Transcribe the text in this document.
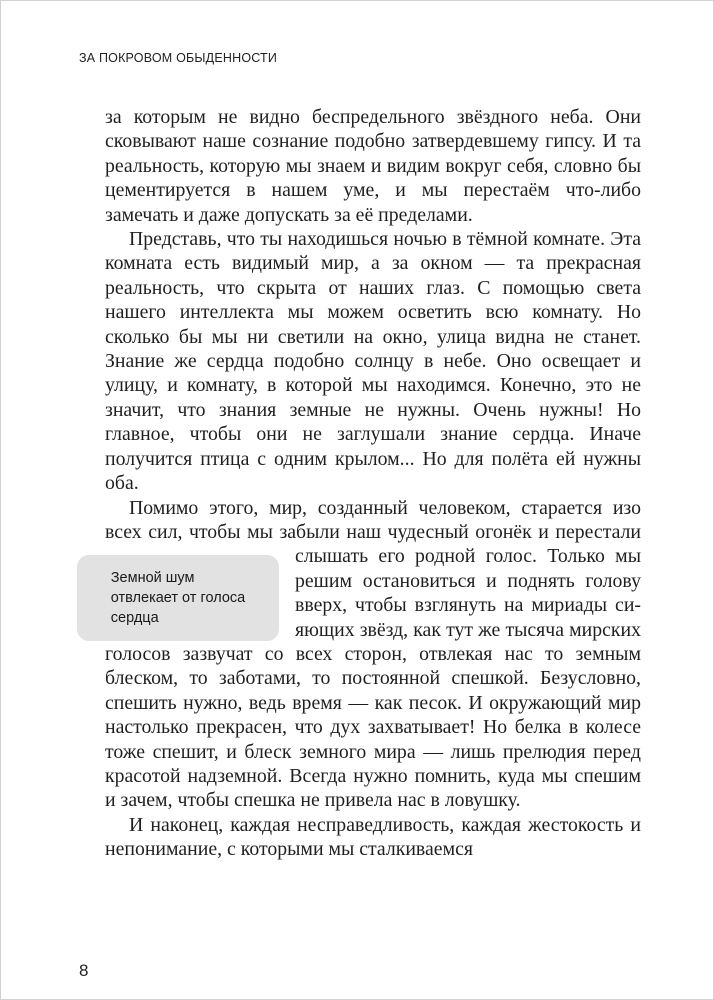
ЗА ПОКРОВОМ ОБЫДЕННОСТИ

за которым не видно беспредельного звёздного неба. Они сковывают наше сознание подобно затвердевшему гипсу. И та реальность, которую мы знаем и видим вокруг себя, словно бы цементируется в нашем уме, и мы перестаём что-либо замечать и даже допускать за её пределами.

Представь, что ты находишься ночью в тёмной комнате. Эта комната есть видимый мир, а за окном — та прекрасная реальность, что скрыта от наших глаз. С помощью света нашего интеллекта мы можем осветить всю комнату. Но сколько бы мы ни светили на окно, улица видна не станет. Знание же сердца подобно солнцу в небе. Оно освещает и улицу, и комнату, в которой мы находимся. Конечно, это не значит, что знания земные не нужны. Очень нужны! Но главное, чтобы они не заглушали знание сердца. Иначе получится птица с одним крылом... Но для полёта ей нужны оба.

Помимо этого, мир, созданный человеком, старается изо всех сил, чтобы мы забыли наш чудесный огонёк
Земной шум
отвлекает от голоса
сердца
и перестали слышать его родной голос. Только мы решим остановиться и поднять голову вверх, чтобы взглянуть на мириады сияющих звёзд, как тут же тысяча мирских голосов зазвучат со всех сторон, отвлекая нас то земным блеском, то заботами, то постоянной спешкой. Безусловно, спешить нужно, ведь время — как песок. И окружающий мир настолько прекрасен, что дух захватывает! Но белка в колесе тоже спешит, и блеск земного мира — лишь прелюдия перед красотой надземной. Всегда нужно помнить, куда мы спешим и зачем, чтобы спешка не привела нас в ловушку.

И наконец, каждая несправедливость, каждая жестокость и непонимание, с которыми мы сталкиваемся

8
